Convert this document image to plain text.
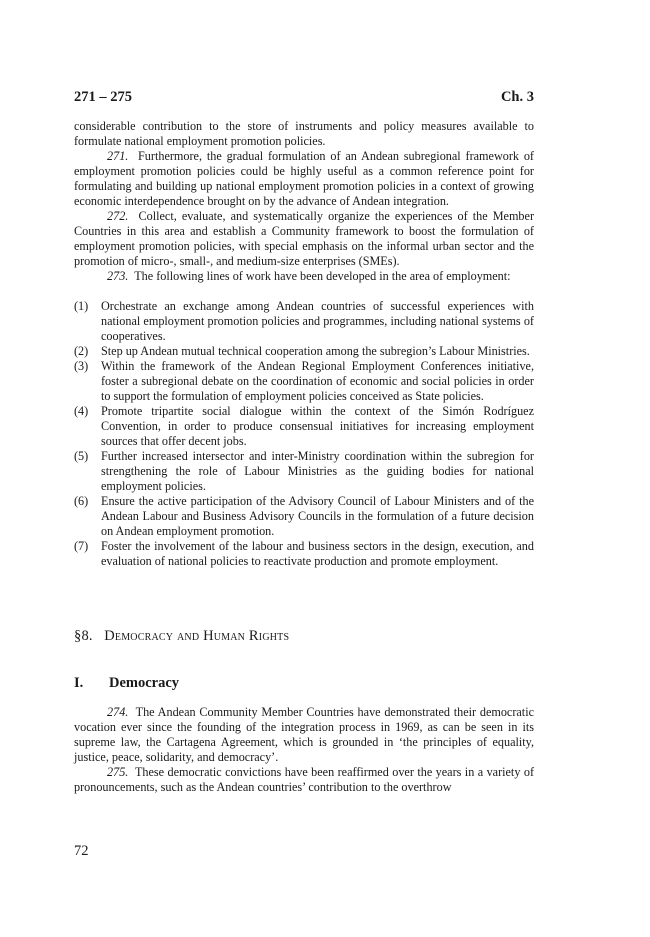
271 – 275	Ch. 3

considerable contribution to the store of instruments and policy measures available to formulate national employment promotion policies.

271. Furthermore, the gradual formulation of an Andean subregional framework of employment promotion policies could be highly useful as a common reference point for formulating and building up national employment promotion policies in a context of growing economic interdependence brought on by the advance of Andean integration.

272. Collect, evaluate, and systematically organize the experiences of the Member Countries in this area and establish a Community framework to boost the formulation of employment promotion policies, with special emphasis on the informal urban sector and the promotion of micro-, small-, and medium-size enterprises (SMEs).

273. The following lines of work have been developed in the area of employment:

(1)	Orchestrate an exchange among Andean countries of successful experiences with national employment promotion policies and programmes, including national systems of cooperatives.
(2)	Step up Andean mutual technical cooperation among the subregion’s Labour Ministries.
(3)	Within the framework of the Andean Regional Employment Conferences initiative, foster a subregional debate on the coordination of economic and social policies in order to support the formulation of employment policies conceived as State policies.
(4)	Promote tripartite social dialogue within the context of the Simón Rodríguez Convention, in order to produce consensual initiatives for increasing employment sources that offer decent jobs.
(5)	Further increased intersector and inter-Ministry coordination within the subregion for strengthening the role of Labour Ministries as the guiding bodies for national employment policies.
(6)	Ensure the active participation of the Advisory Council of Labour Ministers and of the Andean Labour and Business Advisory Councils in the formulation of a future decision on Andean employment promotion.
(7)	Foster the involvement of the labour and business sectors in the design, execution, and evaluation of national policies to reactivate production and promote employment.
§8. Democracy and Human Rights
I.	Democracy

274. The Andean Community Member Countries have demonstrated their democratic vocation ever since the founding of the integration process in 1969, as can be seen in its supreme law, the Cartagena Agreement, which is grounded in ‘the principles of equality, justice, peace, solidarity, and democracy’.

275. These democratic convictions have been reaffirmed over the years in a variety of pronouncements, such as the Andean countries’ contribution to the overthrow

72
